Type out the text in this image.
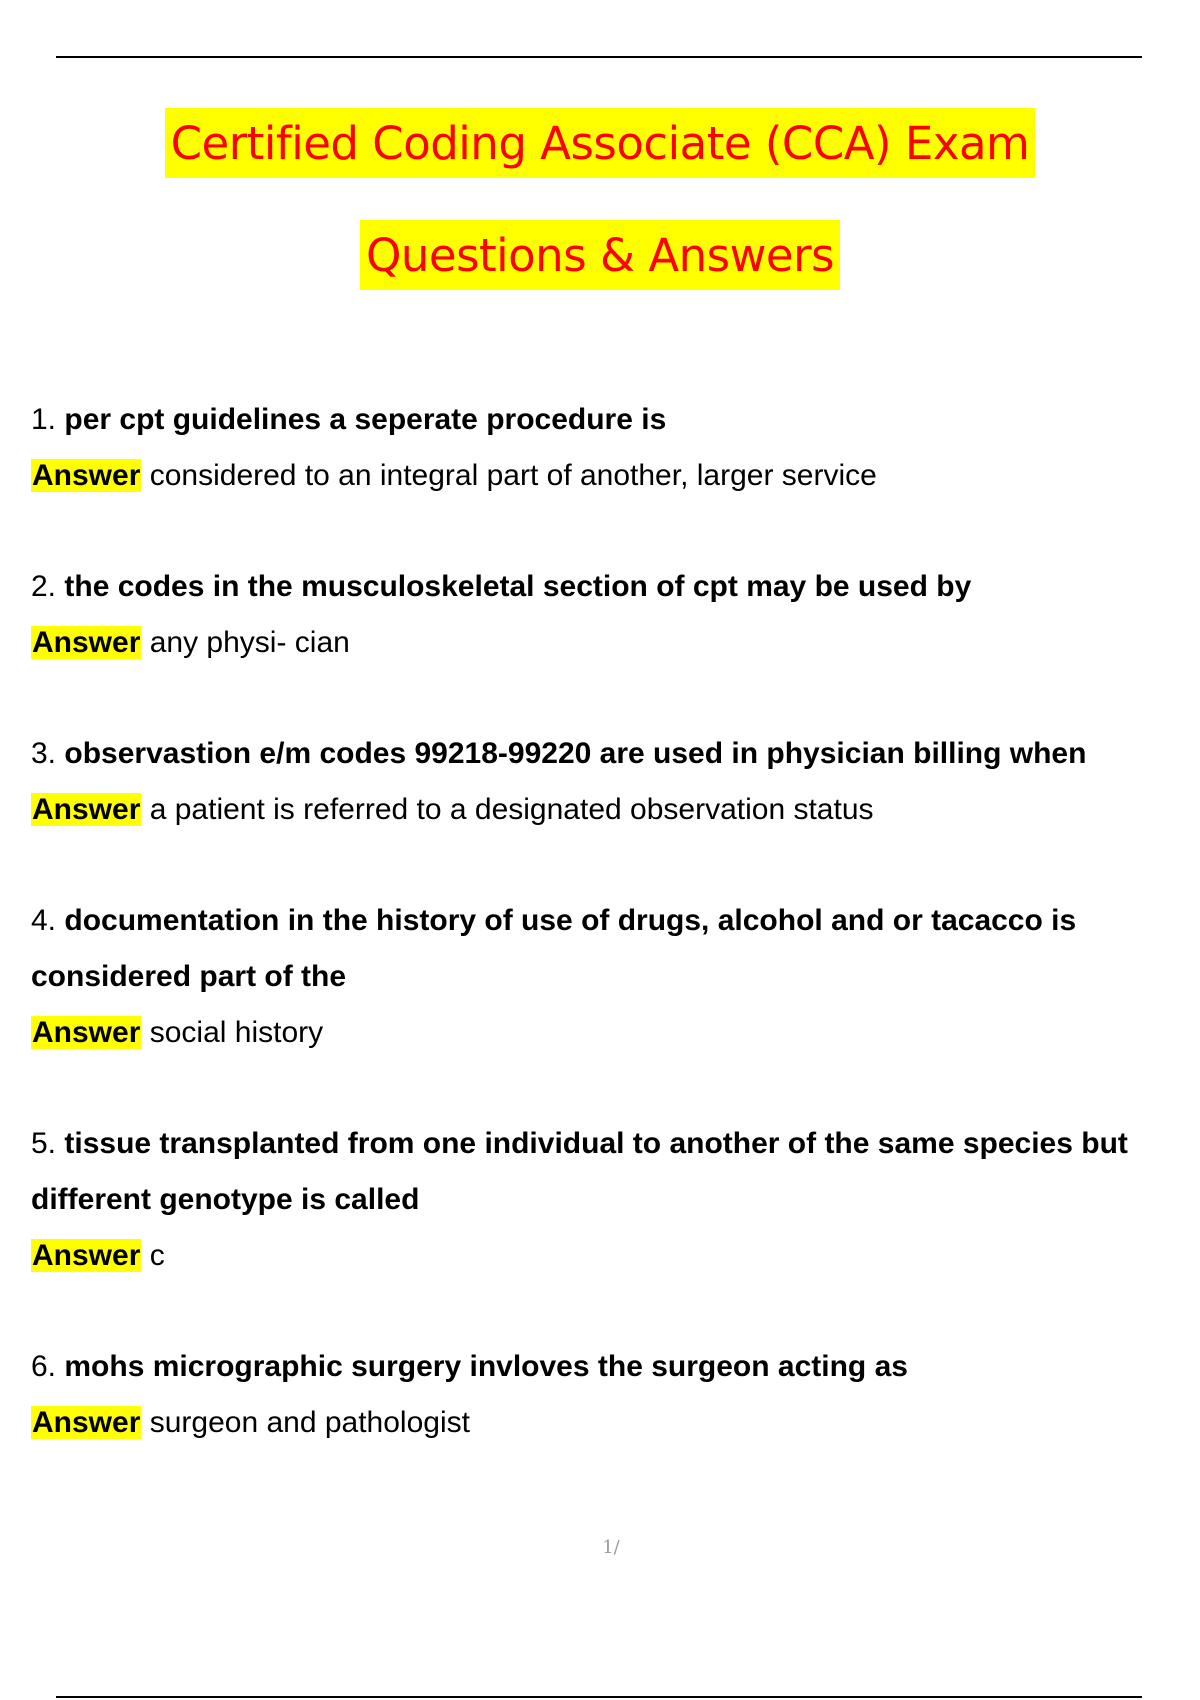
Certified Coding Associate (CCA) Exam
Questions & Answers
1. per cpt guidelines a seperate procedure is
Answer considered to an integral part of another, larger service
2. the codes in the musculoskeletal section of cpt may be used by
Answer any physi- cian
3. observastion e/m codes 99218-99220 are used in physician billing when
Answer a patient is referred to a designated observation status
4. documentation in the history of use of drugs, alcohol and or tacacco is
considered part of the
Answer social history
5. tissue transplanted from one individual to another of the same species but
different genotype is called
Answer c
6. mohs micrographic surgery invloves the surgeon acting as
Answer surgeon and pathologist
1/
